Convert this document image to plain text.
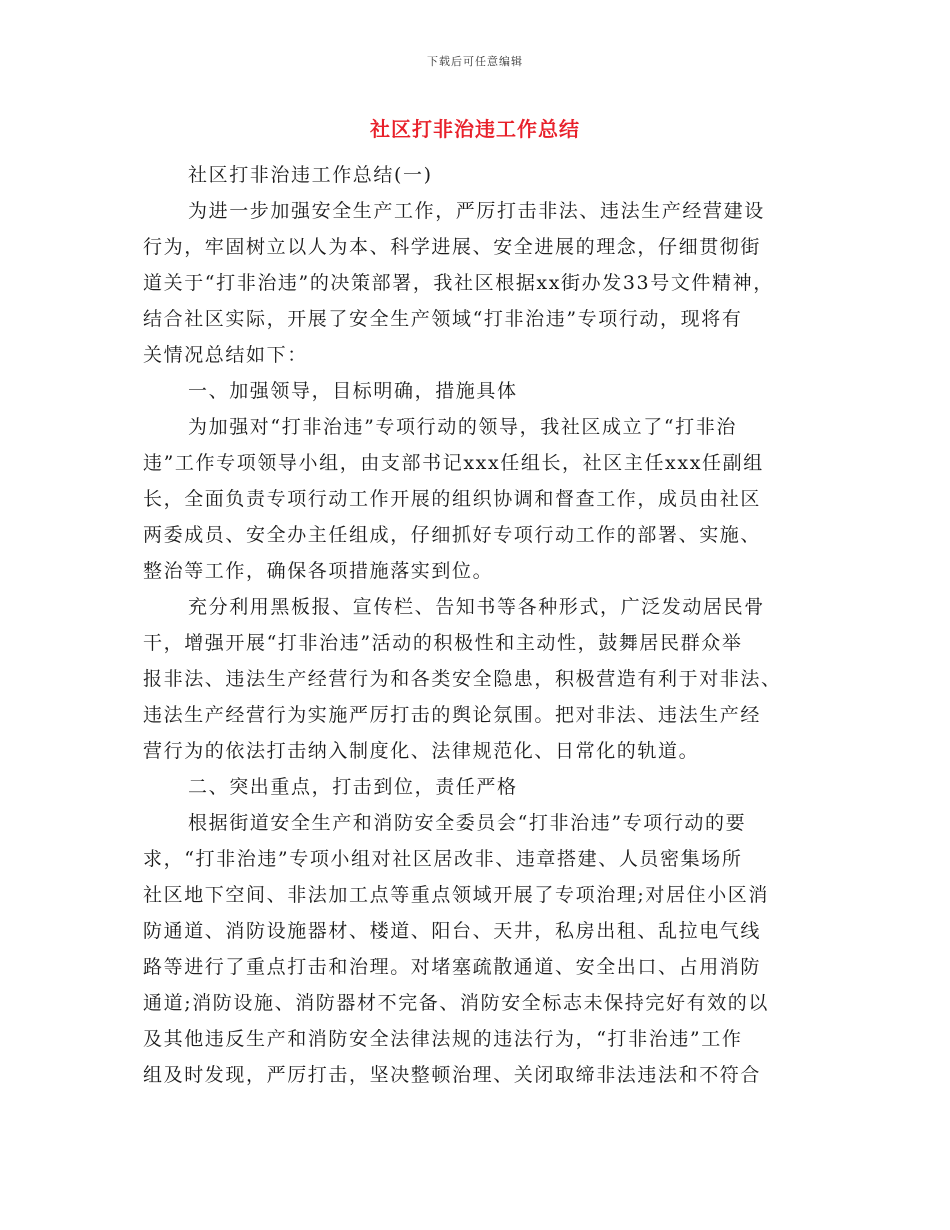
下载后可任意编辑
社区打非治违工作总结
社区打非治违工作总结(一)
为进一步加强安全生产工作，严厉打击非法、违法生产经营建设
行为，牢固树立以人为本、科学进展、安全进展的理念，仔细贯彻街
道关于“打非治违”的决策部署，我社区根据xx街办发33号文件精神，
结合社区实际，开展了安全生产领域“打非治违”专项行动，现将有
关情况总结如下：
一、加强领导，目标明确，措施具体
为加强对“打非治违”专项行动的领导，我社区成立了“打非治
违”工作专项领导小组，由支部书记xxx任组长，社区主任xxx任副组
长，全面负责专项行动工作开展的组织协调和督查工作，成员由社区
两委成员、安全办主任组成，仔细抓好专项行动工作的部署、实施、
整治等工作，确保各项措施落实到位。
充分利用黑板报、宣传栏、告知书等各种形式，广泛发动居民骨
干，增强开展“打非治违”活动的积极性和主动性，鼓舞居民群众举
报非法、违法生产经营行为和各类安全隐患，积极营造有利于对非法、
违法生产经营行为实施严厉打击的舆论氛围。把对非法、违法生产经
营行为的依法打击纳入制度化、法律规范化、日常化的轨道。
二、突出重点，打击到位，责任严格
根据街道安全生产和消防安全委员会“打非治违”专项行动的要
求，“打非治违”专项小组对社区居改非、违章搭建、人员密集场所
社区地下空间、非法加工点等重点领域开展了专项治理;对居住小区消
防通道、消防设施器材、楼道、阳台、天井，私房出租、乱拉电气线
路等进行了重点打击和治理。对堵塞疏散通道、安全出口、占用消防
通道;消防设施、消防器材不完备、消防安全标志未保持完好有效的以
及其他违反生产和消防安全法律法规的违法行为，“打非治违”工作
组及时发现，严厉打击，坚决整顿治理、关闭取缔非法违法和不符合
